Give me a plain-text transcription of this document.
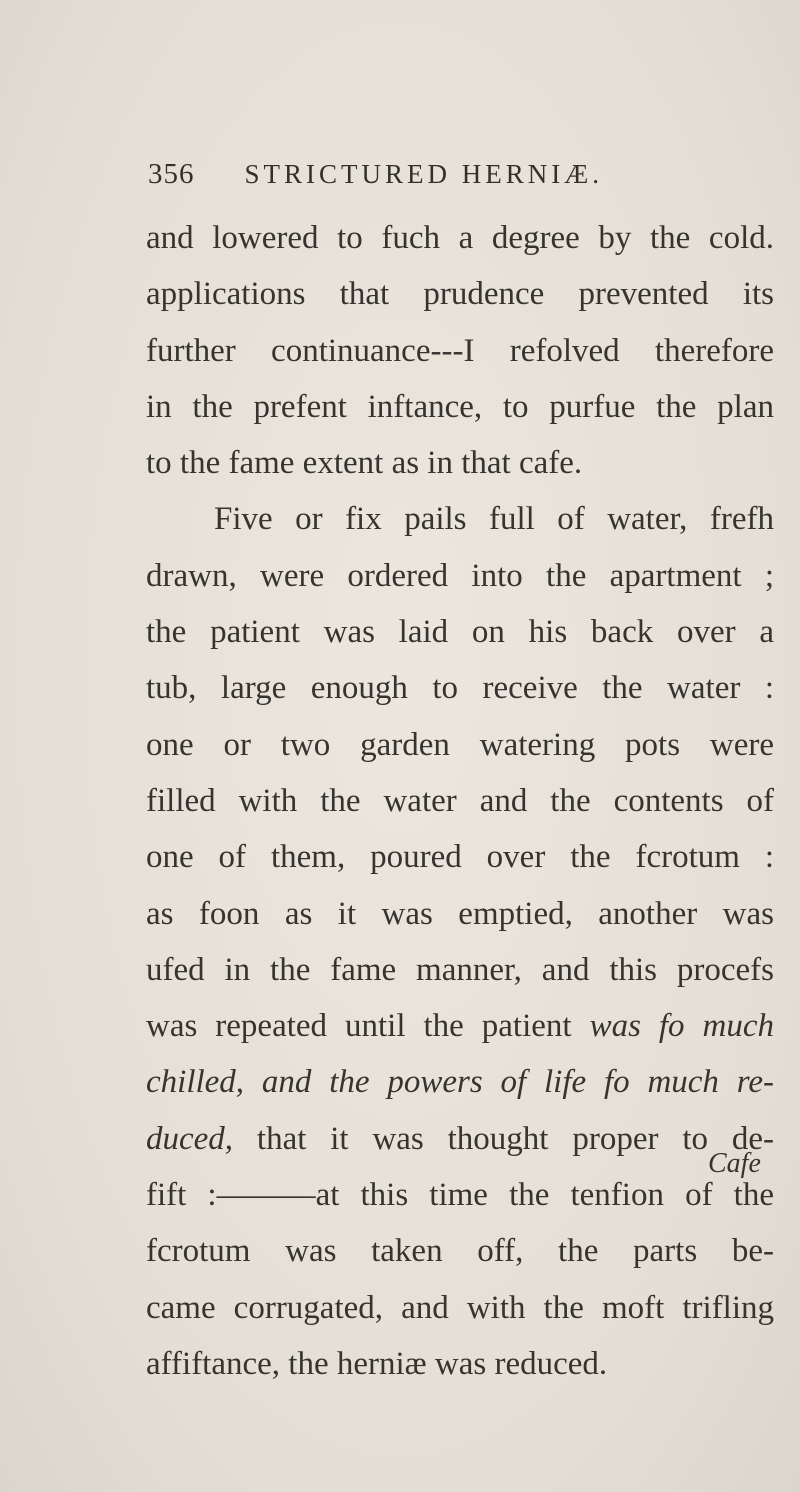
356 STRICTURED HERNIÆ.
and lowered to fuch a degree by the cold.
applications that prudence prevented its
further continuance---I refolved therefore
in the prefent inftance, to purfue the plan
to the fame extent as in that cafe.
Five or fix pails full of water, frefh
drawn, were ordered into the apartment ;
the patient was laid on his back over a
tub, large enough to receive the water :
one or two garden watering pots were
filled with the water and the contents of
one of them, poured over the fcrotum :
as foon as it was emptied, another was
ufed in the fame manner, and this procefs
was repeated until the patient was fo much
chilled, and the powers of life fo much re-
duced, that it was thought proper to de-
fift :———at this time the tenfion of the
fcrotum was taken off, the parts be-
came corrugated, and with the moft trifling
affiftance, the herniæ was reduced.
Cafe
